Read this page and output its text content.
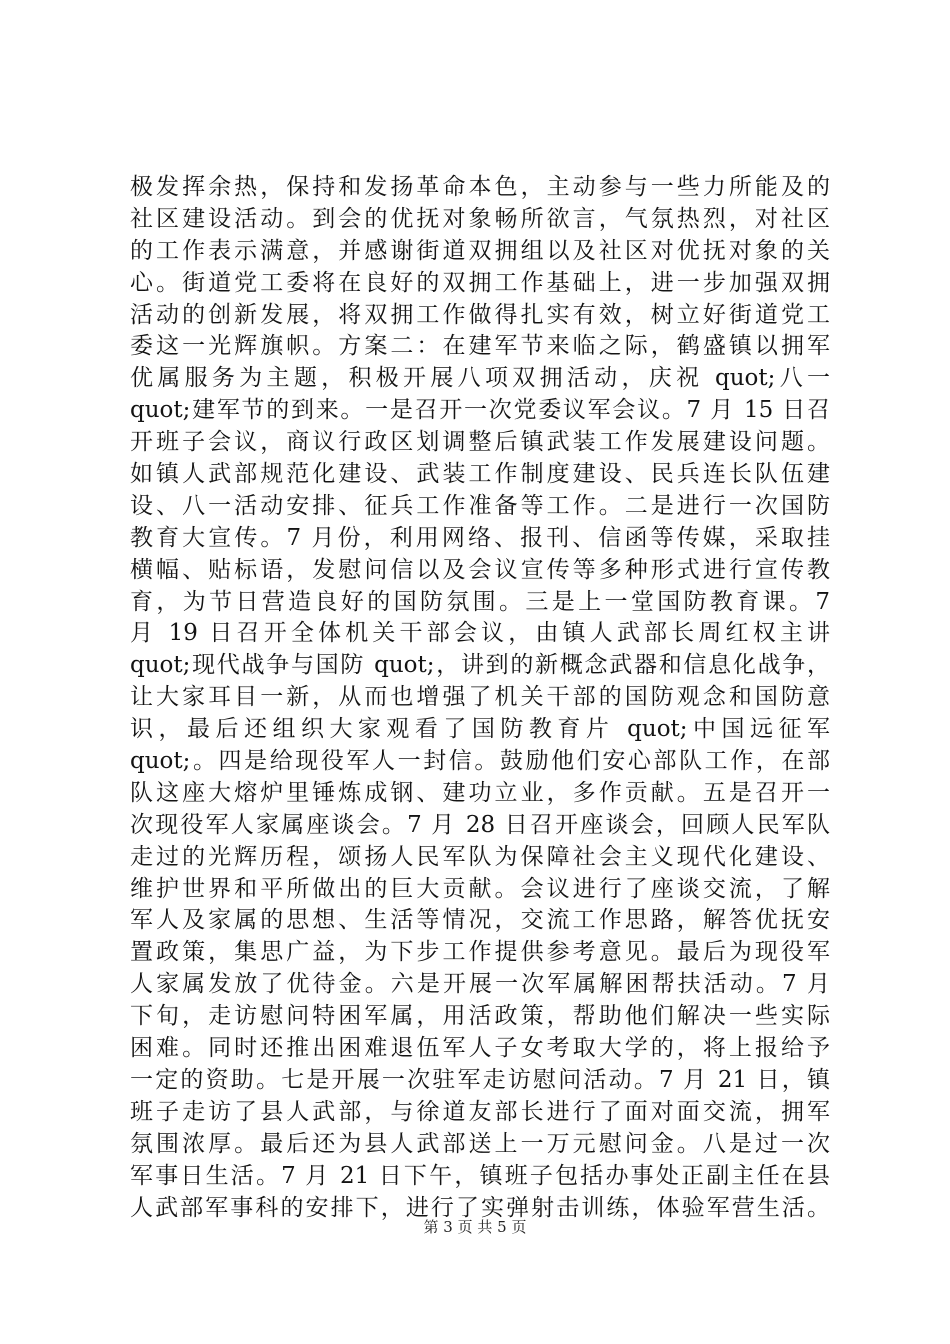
极发挥余热，保持和发扬革命本色，主动参与一些力所能及的
社区建设活动。到会的优抚对象畅所欲言，气氛热烈，对社区
的工作表示满意，并感谢街道双拥组以及社区对优抚对象的关
心。街道党工委将在良好的双拥工作基础上，进一步加强双拥
活动的创新发展，将双拥工作做得扎实有效，树立好街道党工
委这一光辉旗帜。方案二：在建军节来临之际，鹤盛镇以拥军
优属服务为主题，积极开展八项双拥活动，庆祝 quot;八一
quot;建军节的到来。一是召开一次党委议军会议。7 月 15 日召
开班子会议，商议行政区划调整后镇武装工作发展建设问题。
如镇人武部规范化建设、武装工作制度建设、民兵连长队伍建
设、八一活动安排、征兵工作准备等工作。二是进行一次国防
教育大宣传。7 月份，利用网络、报刊、信函等传媒，采取挂
横幅、贴标语，发慰问信以及会议宣传等多种形式进行宣传教
育，为节日营造良好的国防氛围。三是上一堂国防教育课。7
月 19 日召开全体机关干部会议，由镇人武部长周红权主讲
quot;现代战争与国防 quot;，讲到的新概念武器和信息化战争，
让大家耳目一新，从而也增强了机关干部的国防观念和国防意
识，最后还组织大家观看了国防教育片 quot;中国远征军
quot;。四是给现役军人一封信。鼓励他们安心部队工作，在部
队这座大熔炉里锤炼成钢、建功立业，多作贡献。五是召开一
次现役军人家属座谈会。7 月 28 日召开座谈会，回顾人民军队
走过的光辉历程，颂扬人民军队为保障社会主义现代化建设、
维护世界和平所做出的巨大贡献。会议进行了座谈交流，了解
军人及家属的思想、生活等情况，交流工作思路，解答优抚安
置政策，集思广益，为下步工作提供参考意见。最后为现役军
人家属发放了优待金。六是开展一次军属解困帮扶活动。7 月
下旬，走访慰问特困军属，用活政策，帮助他们解决一些实际
困难。同时还推出困难退伍军人子女考取大学的，将上报给予
一定的资助。七是开展一次驻军走访慰问活动。7 月 21 日，镇
班子走访了县人武部，与徐道友部长进行了面对面交流，拥军
氛围浓厚。最后还为县人武部送上一万元慰问金。八是过一次
军事日生活。7 月 21 日下午，镇班子包括办事处正副主任在县
人武部军事科的安排下，进行了实弹射击训练，体验军营生活。
第 3 页 共 5 页
